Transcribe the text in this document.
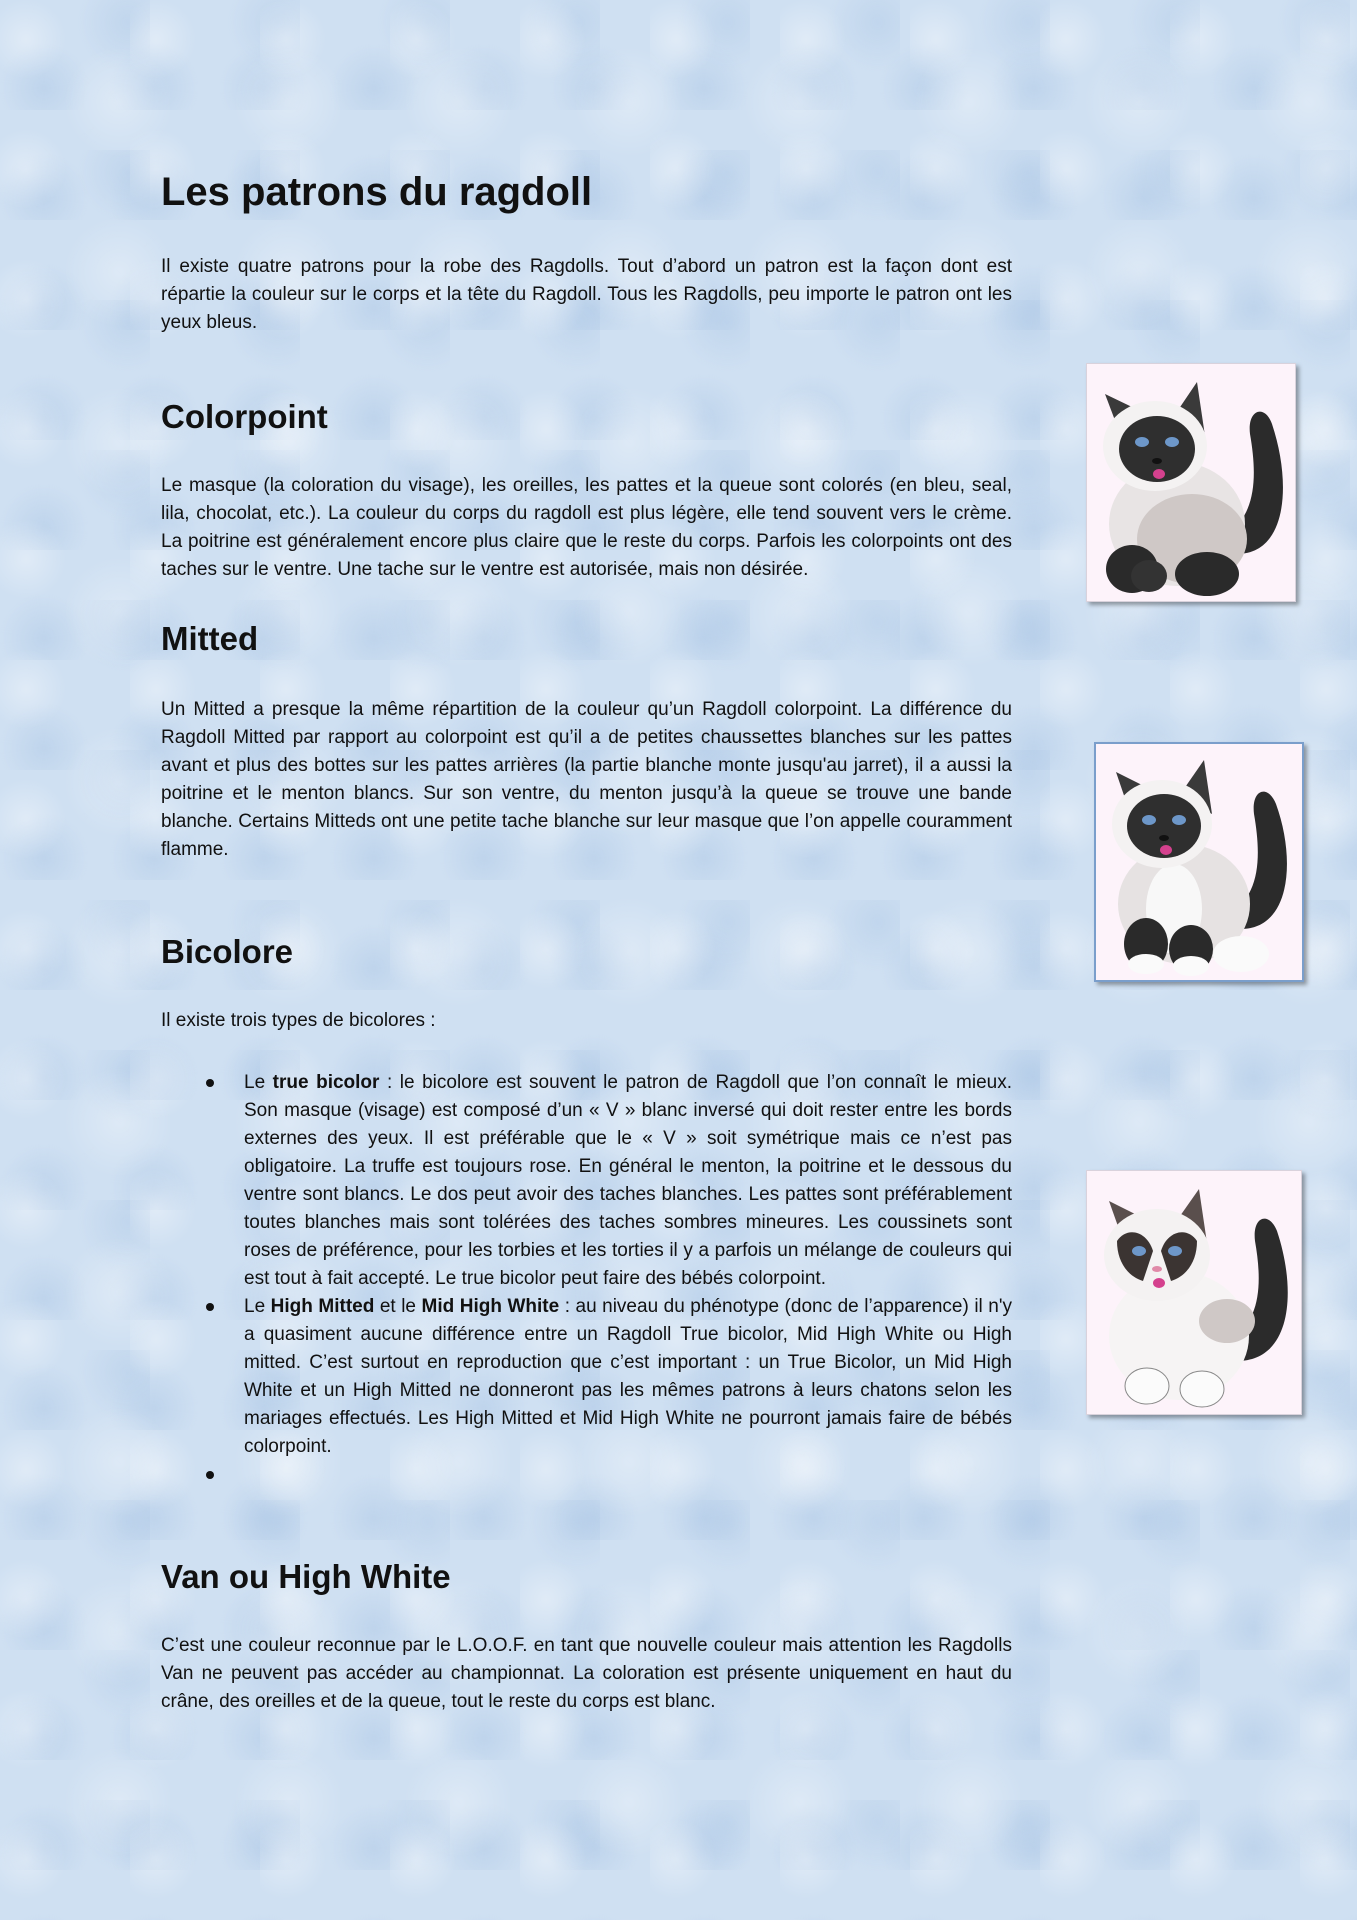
Les patrons du ragdoll

Il existe quatre patrons pour la robe des Ragdolls. Tout d’abord un patron est la façon dont est répartie la couleur sur le corps et la tête du Ragdoll. Tous les Ragdolls, peu importe le patron ont les yeux bleus.

Colorpoint

Le masque (la coloration du visage), les oreilles, les pattes et la queue sont colorés (en bleu, seal, lila, chocolat, etc.). La couleur du corps du ragdoll est plus légère, elle tend souvent vers le crème. La poitrine est généralement encore plus claire que le reste du corps. Parfois les colorpoints ont des taches sur le ventre. Une tache sur le ventre est autorisée, mais non désirée.

Mitted

Un Mitted a presque la même répartition de la couleur qu’un Ragdoll colorpoint. La différence du Ragdoll Mitted par rapport au colorpoint est qu’il a de petites chaussettes blanches sur les pattes avant et plus des bottes sur les pattes arrières (la partie blanche monte jusqu'au jarret), il a aussi la poitrine et le menton blancs. Sur son ventre, du menton jusqu’à la queue se trouve une bande blanche. Certains Mitteds ont une petite tache blanche sur leur masque que l’on appelle couramment flamme.

Bicolore

Il existe trois types de bicolores :

Le true bicolor : le bicolore est souvent le patron de Ragdoll que l’on connaît le mieux. Son masque (visage) est composé d’un « V » blanc inversé qui doit rester entre les bords externes des yeux. Il est préférable que le « V » soit symétrique mais ce n’est pas obligatoire. La truffe est toujours rose. En général le menton, la poitrine et le dessous du ventre sont blancs. Le dos peut avoir des taches blanches. Les pattes sont préférablement toutes blanches mais sont tolérées des taches sombres mineures. Les coussinets sont roses de préférence, pour les torbies et les torties il y a parfois un mélange de couleurs qui est tout à fait accepté. Le true bicolor peut faire des bébés colorpoint.
Le High Mitted et le Mid High White : au niveau du phénotype (donc de l’apparence) il n'y a quasiment aucune différence entre un Ragdoll True bicolor, Mid High White ou High mitted. C’est surtout en reproduction que c’est important : un True Bicolor, un Mid High White et un High Mitted ne donneront pas les mêmes patrons à leurs chatons selon les mariages effectués. Les High Mitted et Mid High White ne pourront jamais faire de bébés colorpoint.
Van ou High White

C’est une couleur reconnue par le L.O.O.F. en tant que nouvelle couleur mais attention les Ragdolls Van ne peuvent pas accéder au championnat. La coloration est présente uniquement en haut du crâne, des oreilles et de la queue, tout le reste du corps est blanc.
